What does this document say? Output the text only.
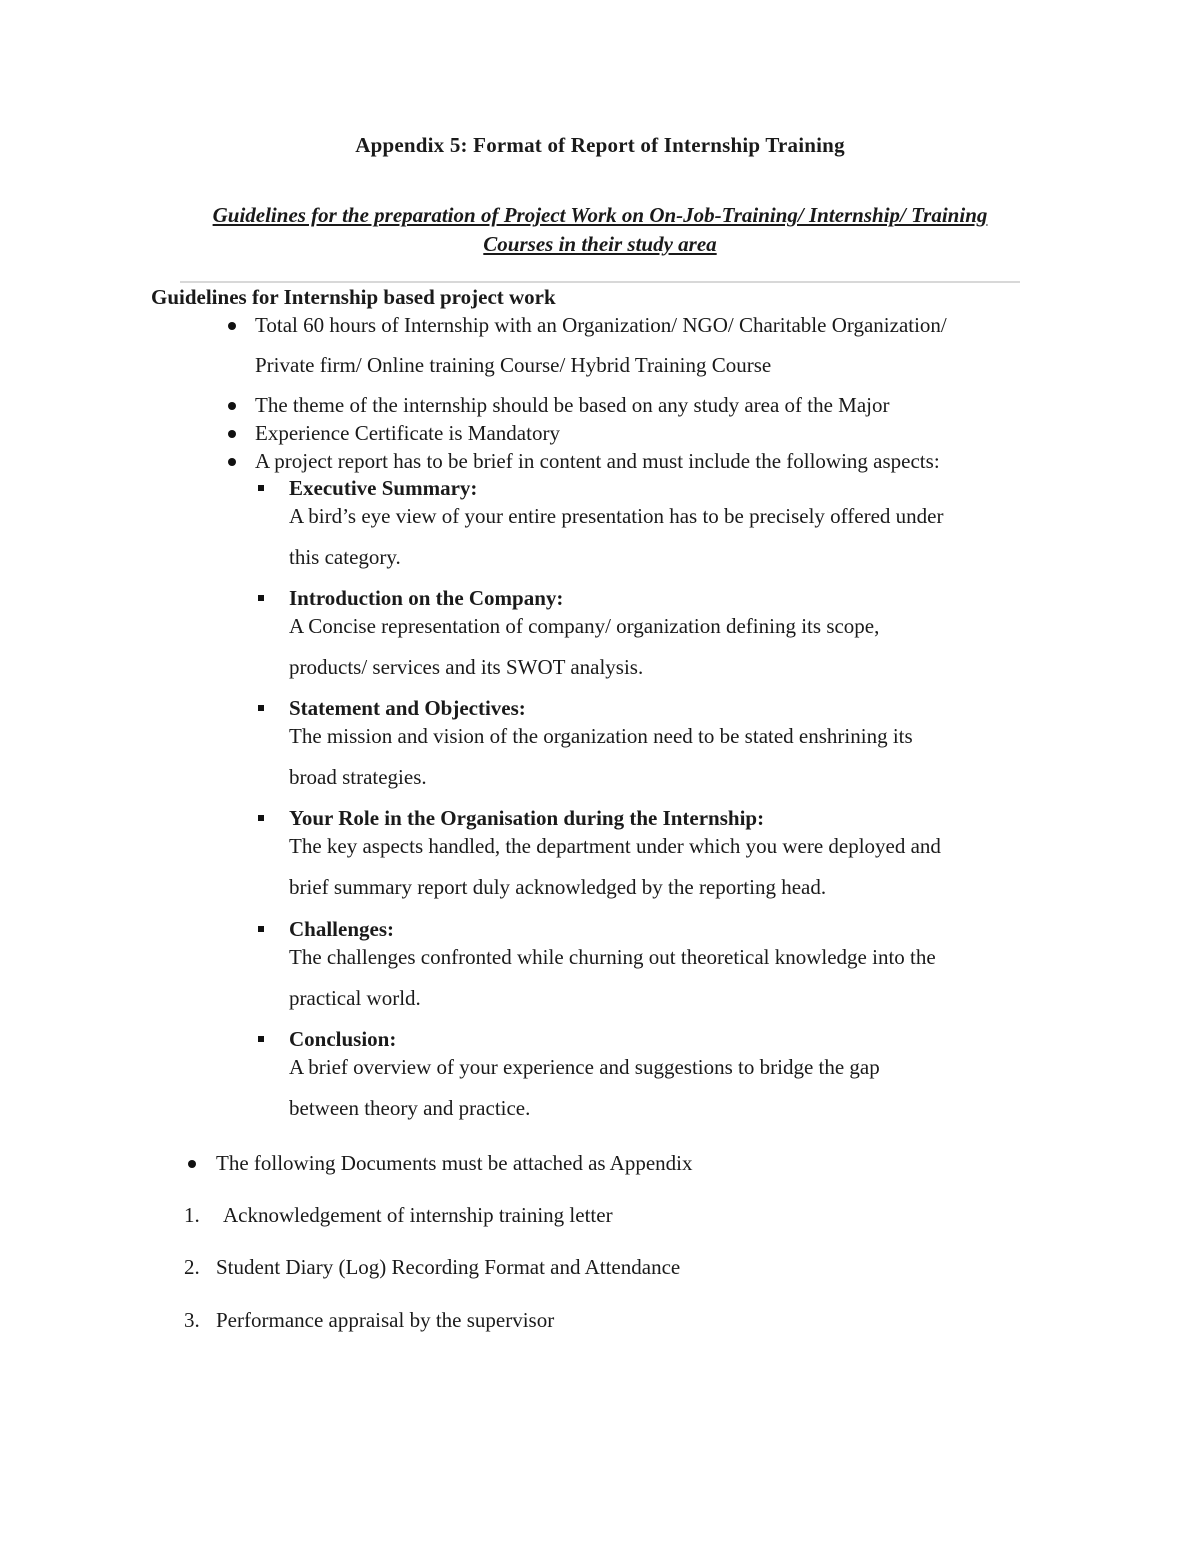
Appendix 5: Format of Report of Internship Training
Guidelines for the preparation of Project Work on On-Job-Training/ Internship/ Training
Courses in their study area
Guidelines for Internship based project work
Total 60 hours of Internship with an Organization/ NGO/ Charitable Organization/
Private firm/ Online training Course/ Hybrid Training Course
The theme of the internship should be based on any study area of the Major
Experience Certificate is Mandatory
A project report has to be brief in content and must include the following aspects:
Executive Summary:
A bird’s eye view of your entire presentation has to be precisely offered under
this category.
Introduction on the Company:
A Concise representation of company/ organization defining its scope,
products/ services and its SWOT analysis.
Statement and Objectives:
The mission and vision of the organization need to be stated enshrining its
broad strategies.
Your Role in the Organisation during the Internship:
The key aspects handled, the department under which you were deployed and
brief summary report duly acknowledged by the reporting head.
Challenges:
The challenges confronted while churning out theoretical knowledge into the
practical world.
Conclusion:
A brief overview of your experience and suggestions to bridge the gap
between theory and practice.
The following Documents must be attached as Appendix
1. Acknowledgement of internship training letter
2. Student Diary (Log) Recording Format and Attendance
3. Performance appraisal by the supervisor
